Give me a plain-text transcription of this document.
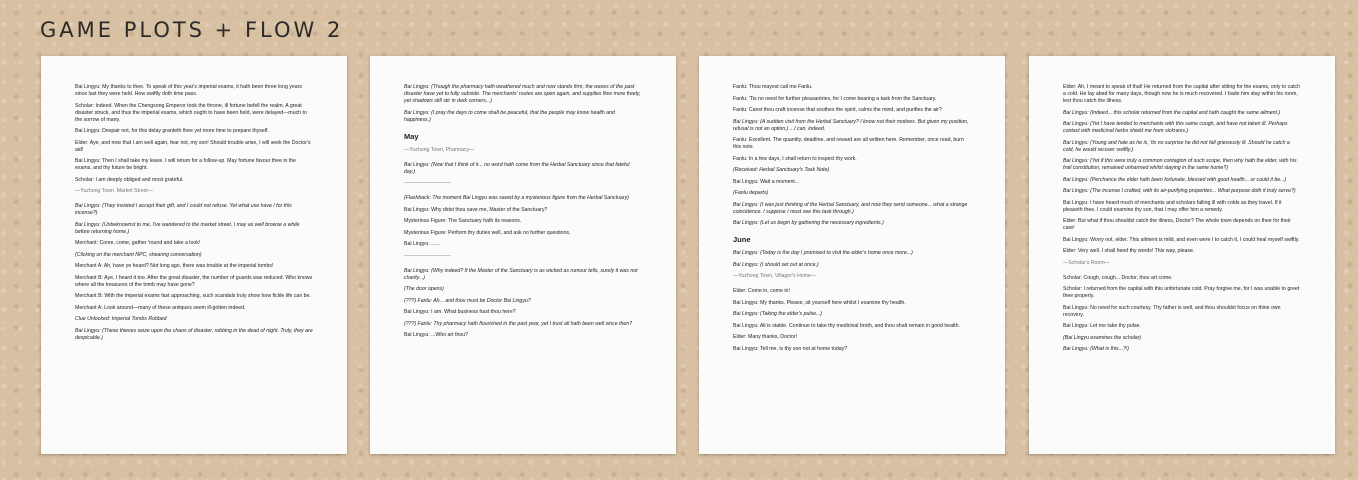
GAME PLOTS + FLOW 2

Bai Lingyu: My thanks to thee. To speak of this year's imperial exams, it hath been three long years since last they were held. How swiftly doth time pass.

Scholar: Indeed. When the Chengsong Emperor took the throne, ill fortune befell the realm. A great disaster struck, and thus the imperial exams, which ought to have been held, were delayed—much to the sorrow of many.

Bai Lingyu: Despair not, for this delay granteth thee yet more time to prepare thyself.

Elder: Aye, and now that I am well again, fear not, my son! Should trouble arise, I will seek the Doctor's aid!

Bai Lingyu: Then I shall take my leave. I will return for a follow-up. May fortune favour thee in the exams, and thy future be bright.

Scholar: I am deeply obliged and most grateful.

—Yuzhong Town, Market Street—

Bai Lingyu: (They insisted I accept their gift, and I could not refuse. Yet what use have I for this incense?)

Bai Lingyu: (Unbeknownst to me, I've wandered to the market street. I may as well browse a while before returning home.)

Merchant: Come, come, gather 'round and take a look!

(Clicking on the merchant NPC, shearing conversation)

Merchant A: Ah, have ye heard? Not long ago, there was trouble at the imperial tombs!

Merchant B: Aye, I heard it too. After the great disaster, the number of guards was reduced. Who knows where all the treasures of the tomb may have gone?

Merchant B: With the imperial exams fast approaching, such scandals truly show how fickle life can be.

Merchant A: Look around—many of these antiques seem ill-gotten indeed.

Clue Unlocked: Imperial Tombs Robbed

Bai Lingyu: (These thieves seize upon the chaos of disaster, robbing in the dead of night. Truly, they are despicable.)

Bai Lingyu: (Though the pharmacy hath weathered much and now stands firm, the waves of the past disaster have yet to fully subside. The merchants' routes are open again, and supplies flow more freely, yet shadows still stir in dark corners...)

Bai Lingyu: (I pray the days to come shall be peaceful, that the people may know health and happiness.)

May

—Yuzhong Town, Pharmacy—

Bai Lingyu: (Now that I think of it... no word hath come from the Herbal Sanctuary since that fateful day.)

—————————

(Flashback: The moment Bai Lingyu was saved by a mysterious figure from the Herbal Sanctuary)

Bai Lingyu: Why didst thou save me, Master of the Sanctuary?

Mysterious Figure: The Sanctuary hath its reasons.

Mysterious Figure: Perform thy duties well, and ask no further questions.

Bai Lingyu: ......

—————————

Bai Lingyu: (Why indeed? If the Master of the Sanctuary is as wicked as rumour tells, surely it was not charity...)

(The door opens)

(???) Fanlu: Ah... and thou must be Doctor Bai Lingyu?

Bai Lingyu: I am. What business hast thou here?

(???) Fanlu: Thy pharmacy hath flourished in the past year, yet I trust all hath been well since then?

Bai Lingyu: ...Who art thou?

Fanlu: Thou mayest call me Fanlu.

Fanlu: 'Tis no need for further pleasantries, for I come bearing a task from the Sanctuary.

Fanlu: Canst thou craft incense that soothes the spirit, calms the mind, and purifies the air?

Bai Lingyu: (A sudden visit from the Herbal Sanctuary? I know not their motives. But given my position, refusal is not an option.) ...I can, indeed.

Fanlu: Excellent. The quantity, deadline, and reward are all written here. Remember, once read, burn this note.

Fanlu: In a few days, I shall return to inspect thy work.

(Received: Herbal Sanctuary's Task Note)

Bai Lingyu: Wait a moment...

(Fanlu departs)

Bai Lingyu: (I was just thinking of the Herbal Sanctuary, and now they send someone... what a strange coincidence. I suppose I must see this task through.)

Bai Lingyu: (Let us begin by gathering the necessary ingredients.)

June

Bai Lingyu: (Today is the day I promised to visit the elder's home once more...)

Bai Lingyu: (I should set out at once.)

—Yuzhong Town, Villager's Home—

Elder: Come in, come in!

Bai Lingyu: My thanks. Please, sit yourself here whilst I examine thy health.

Bai Lingyu: (Taking the elder's pulse...)

Bai Lingyu: All is stable. Continue to take thy medicinal broth, and thou shalt remain in good health.

Elder: Many thanks, Doctor!

Bai Lingyu: Tell me, is thy son not at home today?

Elder: Ah, I meant to speak of that! He returned from the capital after sitting for the exams, only to catch a cold. He lay abed for many days, though now he is much recovered. I bade him stay within his room, lest thou catch the illness.

Bai Lingyu: (Indeed... this scholar returned from the capital and hath caught the same ailment.)

Bai Lingyu: (Yet I have tended to merchants with this same cough, and have not taken ill. Perhaps contact with medicinal herbs shield me from sickness.)

Bai Lingyu: (Young and hale as he is, 'tis no surprise he did not fall grievously ill. Should he catch a cold, he would recover swiftly.)

Bai Lingyu: (Yet if this were truly a common contagion of such scope, then why hath the elder, with his frail constitution, remained unharmed whilst staying in the same home?)

Bai Lingyu: (Perchance the elder hath been fortunate, blessed with good health... or could it be...)

Bai Lingyu: (The incense I crafted, with its air-purifying properties... What purpose doth it truly serve?)

Bai Lingyu: I have heard much of merchants and scholars falling ill with colds as they travel. If it pleaseth thee, I could examine thy son, that I may offer him a remedy.

Elder: But what if thou shouldst catch the illness, Doctor? The whole town depends on thee for their care!

Bai Lingyu: Worry not, elder. This ailment is mild, and even were I to catch it, I could heal myself swiftly.

Elder: Very well. I shall heed thy words! This way, please.

—Scholar's Room—

Scholar: Cough, cough... Doctor, thou art come.

Scholar: I returned from the capital with this unfortunate cold. Pray forgive me, for I was unable to greet thee properly.

Bai Lingyu: No need for such courtesy. Thy father is well, and thou shouldst focus on thine own recovery.

Bai Lingyu: Let me take thy pulse.

(Bai Lingyu examines the scholar)

Bai Lingyu: (What is this...?!)
